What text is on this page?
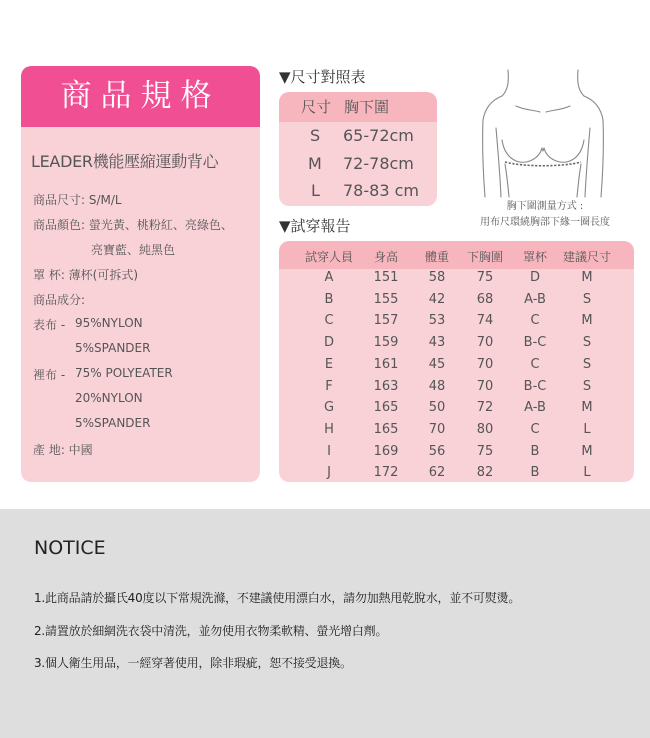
商品規格
LEADER機能壓縮運動背心
商品尺寸: S/M/L
商品顏色: 螢光黃、桃粉紅、亮綠色、
亮寶藍、純黑色
罩 杯: 薄杯(可拆式)
商品成分:
表布 - 95%NYLON
5%SPANDER
裡布 - 75% POLYEATER
20%NYLON
5%SPANDER
產 地: 中國
▼尺寸對照表
尺寸 胸下圍
S 65-72cm
M 72-78cm
L 78-83 cm
胸下圍測量方式 :
用布尺環繞胸部下緣一圈長度
▼試穿報告
試穿人員 身高 體重 下胸圍 罩杯 建議尺寸
A	151 58 75	D	M
B	155 42 68 A-B	S
C	157 53 74	C	M
D	159 43 70 B-C	S
E	161 45 70	C	S
F	163 48 70 B-C	S
G	165 50 72 A-B	M
H	165 70 80	C	L
I	169 56 75	B	M
J	172 62 82	B	L
NOTICE
1.此商品請於攝氏40度以下常規洗滌，不建議使用漂白水，請勿加熱甩乾脫水，並不可熨燙。
2.請置放於細網洗衣袋中清洗，並勿使用衣物柔軟精、螢光增白劑。
3.個人衛生用品，一經穿著使用，除非瑕疵，恕不接受退換。
